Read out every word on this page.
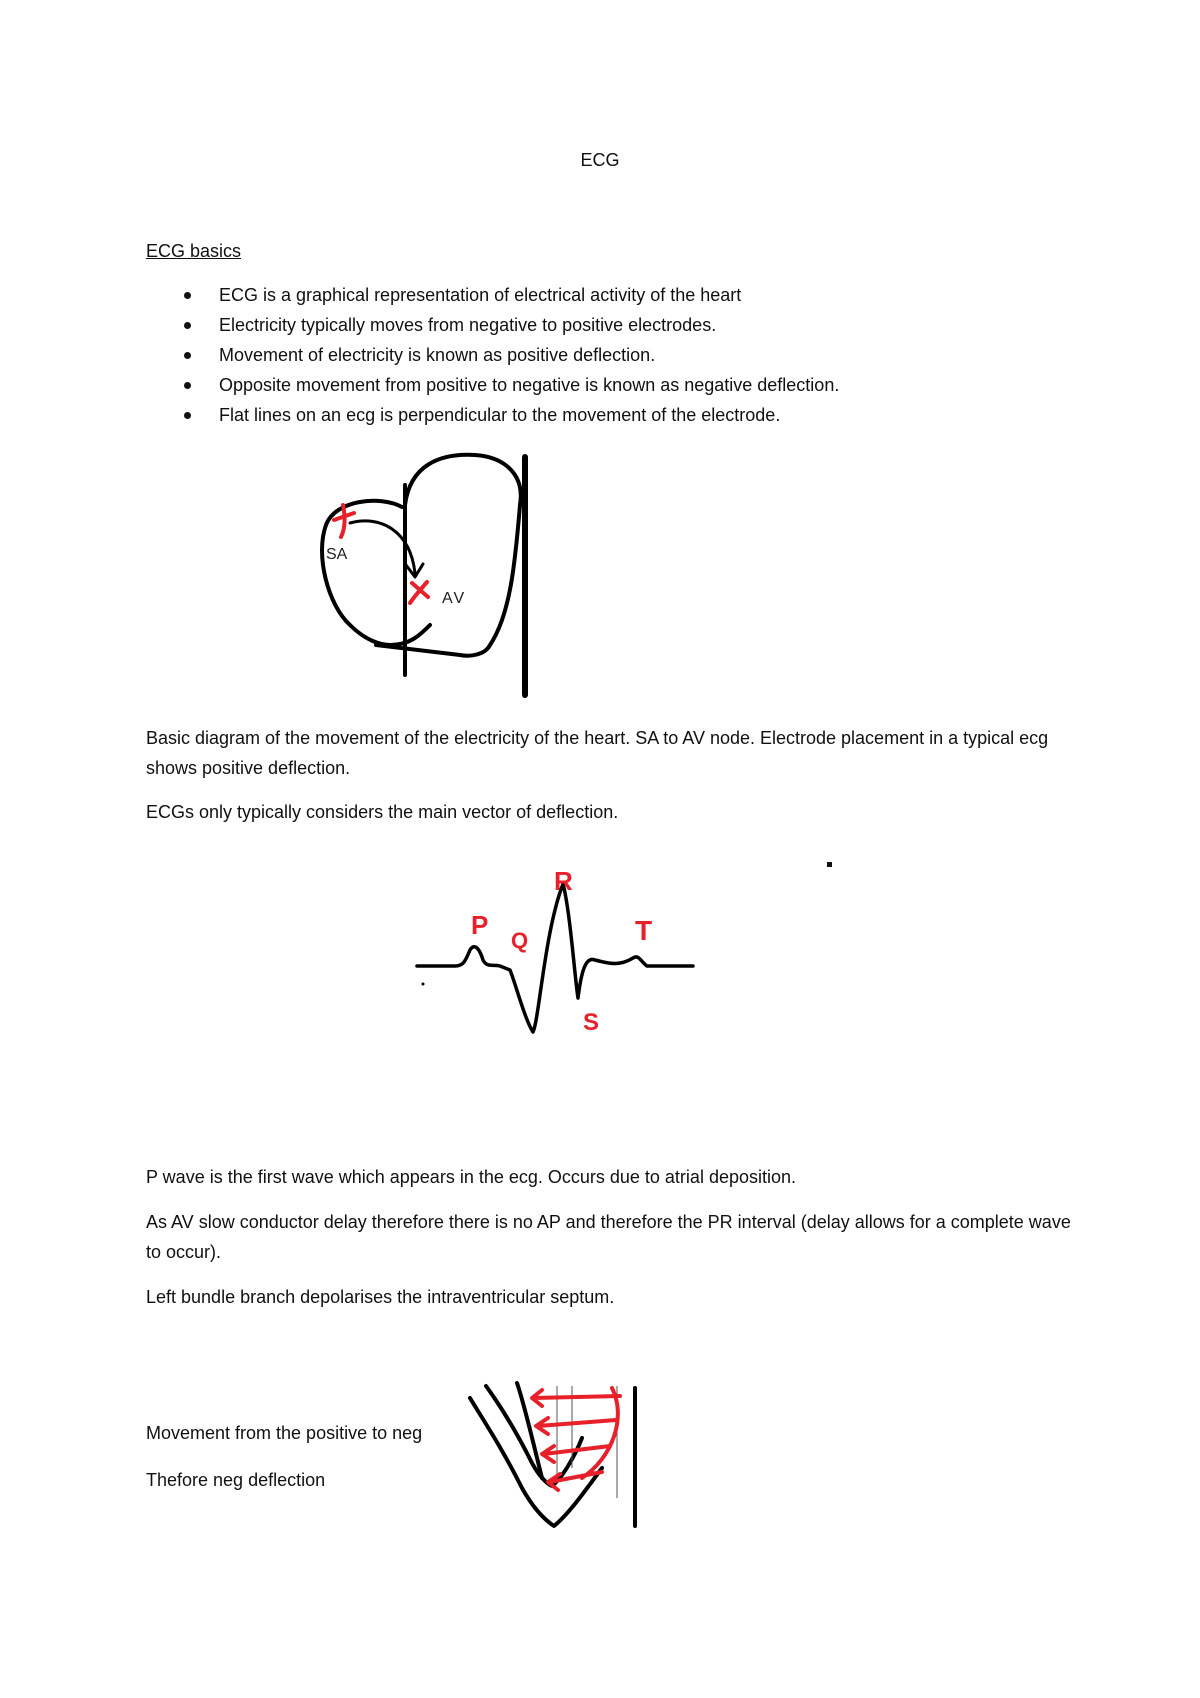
ECG
ECG basics
ECG is a graphical representation of electrical activity of the heart
Electricity typically moves from negative to positive electrodes.
Movement of electricity is known as positive deflection.
Opposite movement from positive to negative is known as negative deflection.
Flat lines on an ecg is perpendicular to the movement of the electrode.
SA
AV

Basic diagram of the movement of the electricity of the heart. SA to AV node. Electrode placement in a typical ecg shows positive deflection.

ECGs only typically considers the main vector of deflection.

P
Q
R
S
T

P wave is the first wave which appears in the ecg. Occurs due to atrial deposition.

As AV slow conductor delay therefore there is no AP and therefore the PR interval (delay allows for a complete wave to occur).

Left bundle branch depolarises the intraventricular septum.

Movement from the positive to neg

Thefore neg deflection
